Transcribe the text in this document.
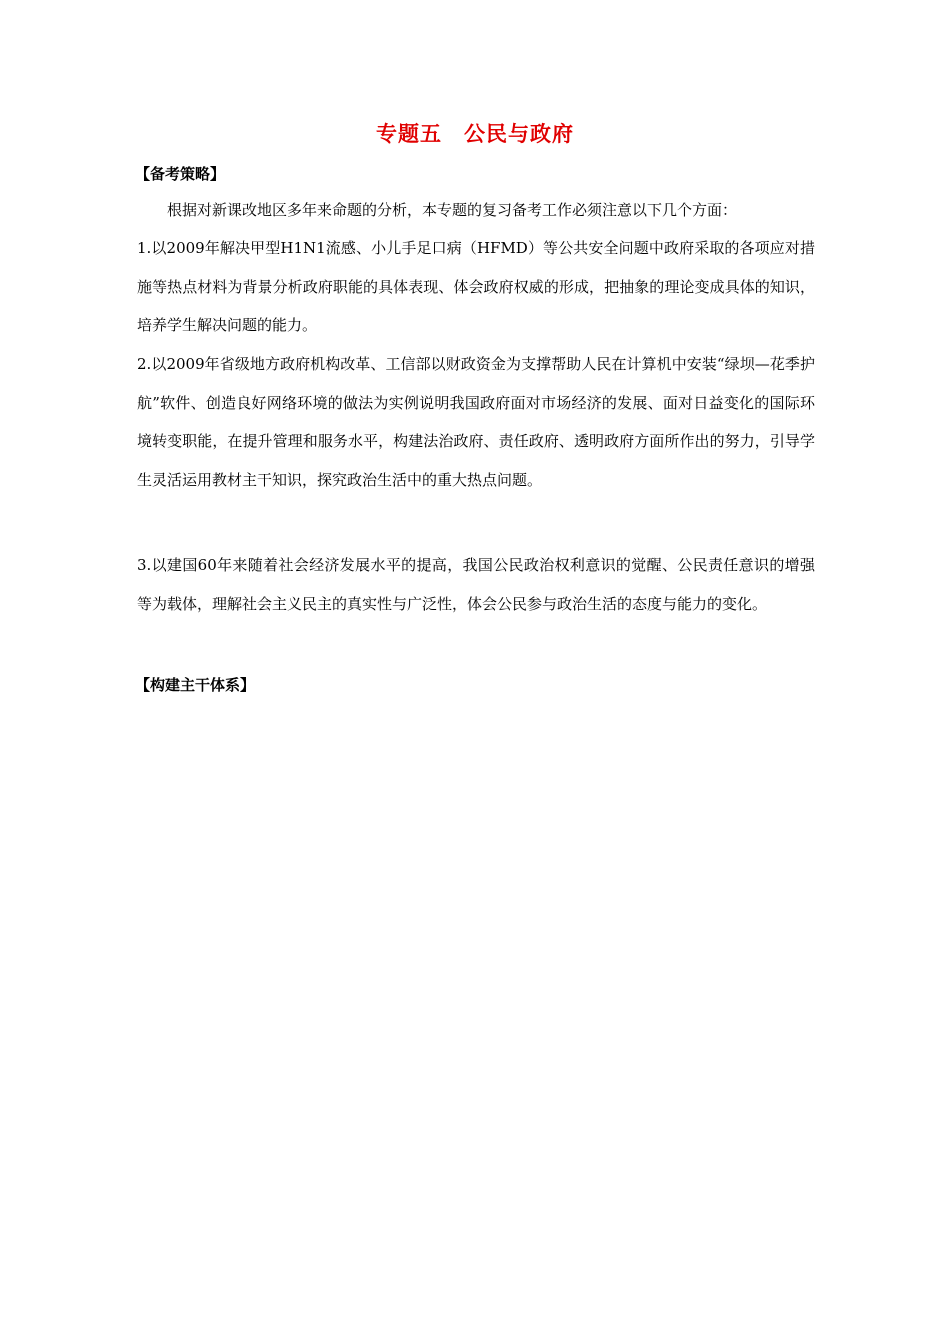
专题五　公民与政府
【备考策略】
根据对新课改地区多年来命题的分析，本专题的复习备考工作必须注意以下几个方面：
1.以2009年解决甲型H1N1流感、小儿手足口病（HFMD）等公共安全问题中政府采取的各项应对措施等热点材料为背景分析政府职能的具体表现、体会政府权威的形成，把抽象的理论变成具体的知识，培养学生解决问题的能力。
2.以2009年省级地方政府机构改革、工信部以财政资金为支撑帮助人民在计算机中安装“绿坝—花季护航”软件、创造良好网络环境的做法为实例说明我国政府面对市场经济的发展、面对日益变化的国际环境转变职能，在提升管理和服务水平，构建法治政府、责任政府、透明政府方面所作出的努力，引导学生灵活运用教材主干知识，探究政治生活中的重大热点问题。
3.以建国60年来随着社会经济发展水平的提高，我国公民政治权利意识的觉醒、公民责任意识的增强等为载体，理解社会主义民主的真实性与广泛性，体会公民参与政治生活的态度与能力的变化。
【构建主干体系】
